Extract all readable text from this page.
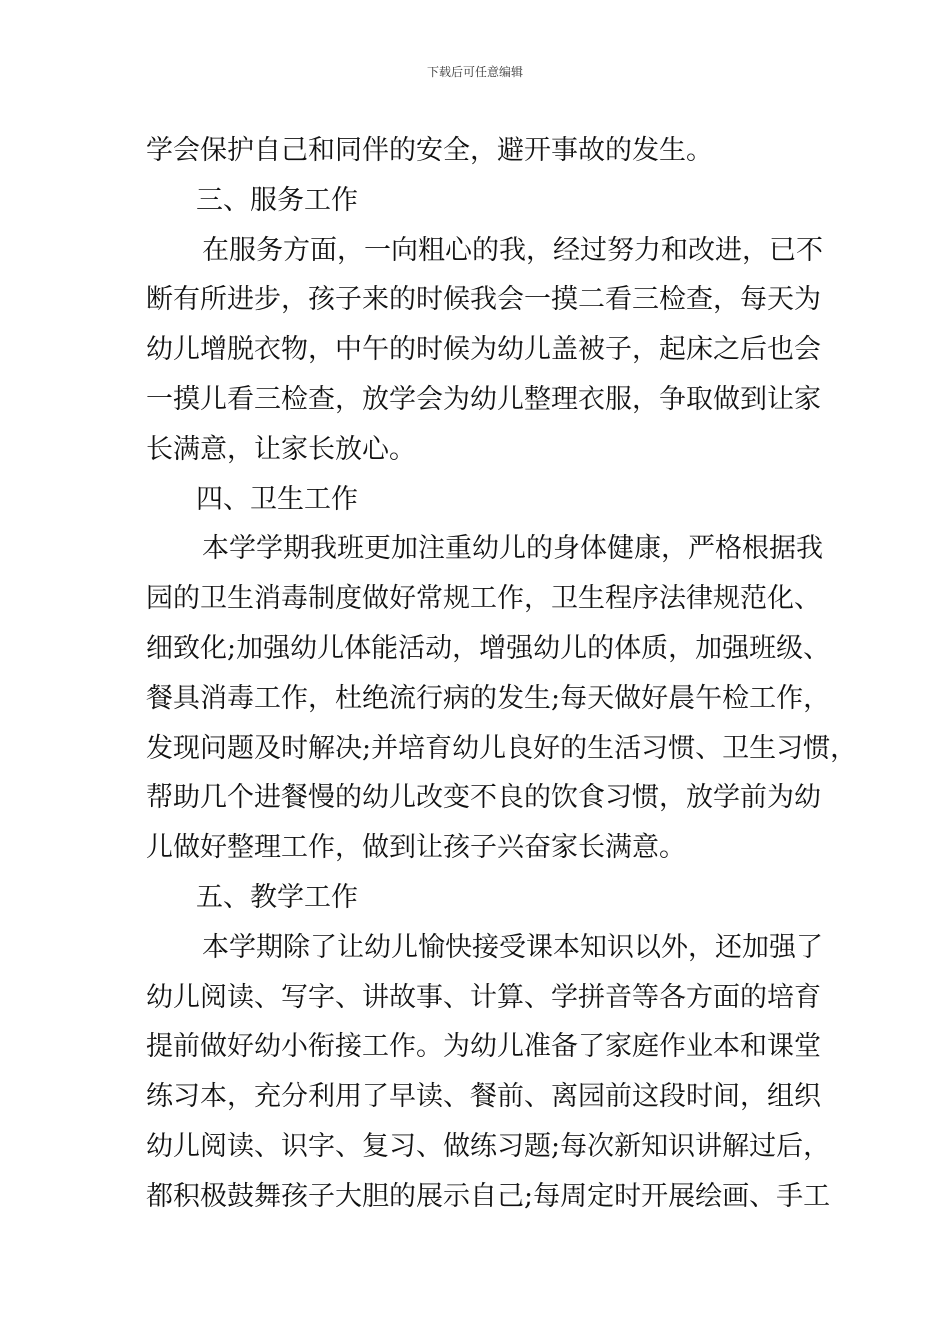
下载后可任意编辑
学会保护自己和同伴的安全，避开事故的发生。
三、服务工作
在服务方面，一向粗心的我，经过努力和改进，已不
断有所进步，孩子来的时候我会一摸二看三检查，每天为
幼儿增脱衣物，中午的时候为幼儿盖被子，起床之后也会
一摸儿看三检查，放学会为幼儿整理衣服，争取做到让家
长满意，让家长放心。
四、卫生工作
本学学期我班更加注重幼儿的身体健康，严格根据我
园的卫生消毒制度做好常规工作，卫生程序法律规范化、
细致化;加强幼儿体能活动，增强幼儿的体质，加强班级、
餐具消毒工作，杜绝流行病的发生;每天做好晨午检工作，
发现问题及时解决;并培育幼儿良好的生活习惯、卫生习惯，
帮助几个进餐慢的幼儿改变不良的饮食习惯，放学前为幼
儿做好整理工作，做到让孩子兴奋家长满意。
五、教学工作
本学期除了让幼儿愉快接受课本知识以外，还加强了
幼儿阅读、写字、讲故事、计算、学拼音等各方面的培育
提前做好幼小衔接工作。为幼儿准备了家庭作业本和课堂
练习本，充分利用了早读、餐前、离园前这段时间，组织
幼儿阅读、识字、复习、做练习题;每次新知识讲解过后，
都积极鼓舞孩子大胆的展示自己;每周定时开展绘画、手工
